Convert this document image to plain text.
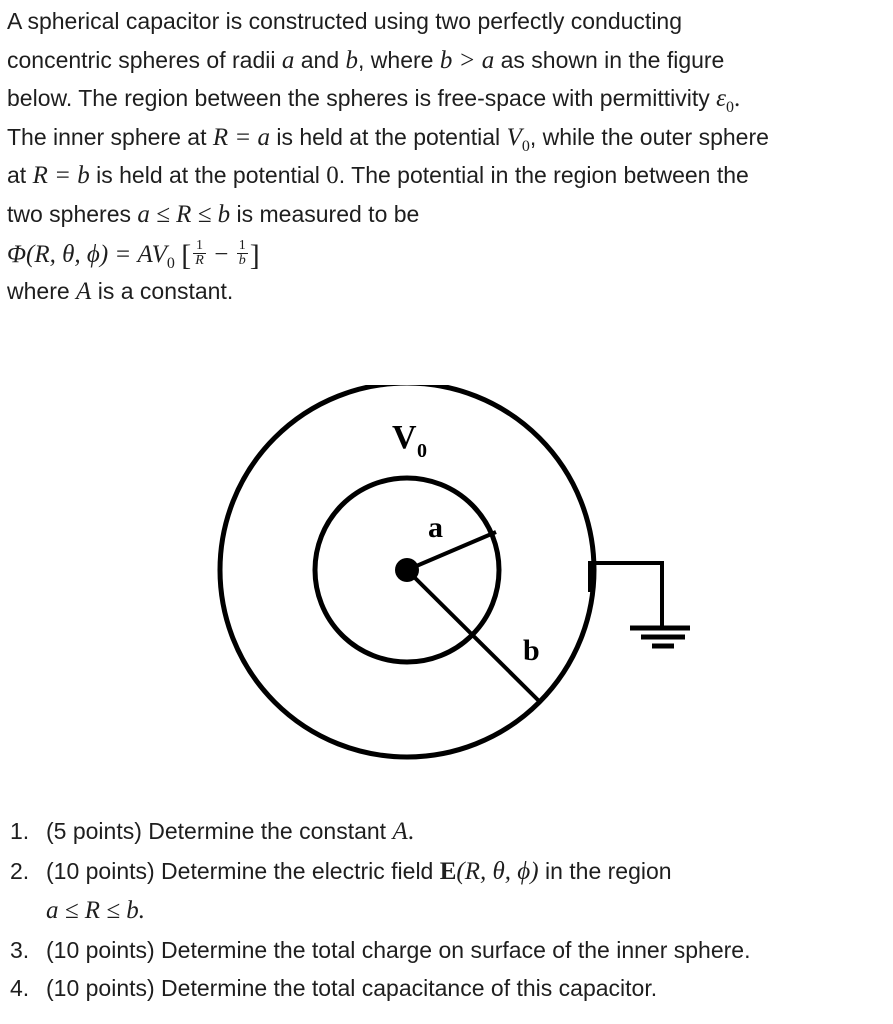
A spherical capacitor is constructed using two perfectly conducting
concentric spheres of radii a and b, where b > a as shown in the figure
below. The region between the spheres is free-space with permittivity $\varepsilon_0$.
The inner sphere at R = a is held at the potential $V_0$, while the outer sphere
at R = b is held at the potential 0. The potential in the region between the
two spheres a ≤ R ≤ b is measured to be
Φ(R, θ, $\phi) = AV_0$ [ $\frac{1}{R} - \frac{1}{b}$ ]
where A is a constant.
V 0
a
b
1. (5 points) Determine the constant A.
2. (10 points) Determine the electric field E(R, θ, ϕ) in the region
a ≤ R ≤ b.
3. (10 points) Determine the total charge on surface of the inner sphere.
4. (10 points) Determine the total capacitance of this capacitor.
